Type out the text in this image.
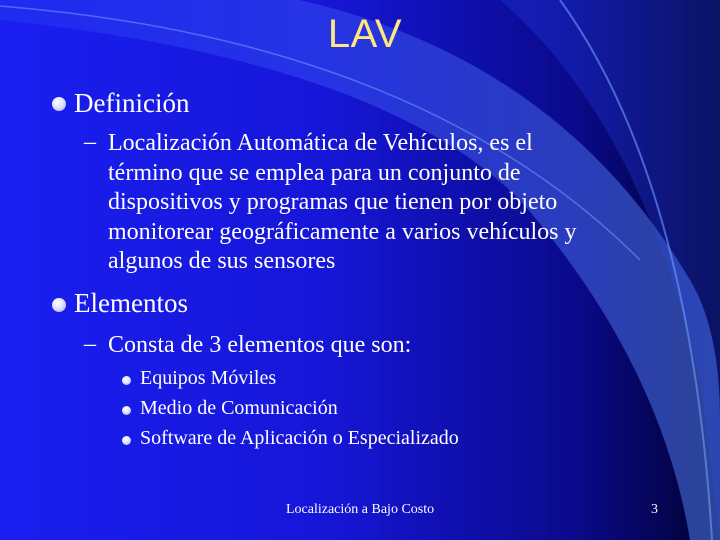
LAV
Definición
– Localización Automática de Vehículos, es el
término que se emplea para un conjunto de
dispositivos y programas que tienen por objeto
monitorear geográficamente a varios vehículos y
algunos de sus sensores
Elementos
– Consta de 3 elementos que son:
Equipos Móviles
Medio de Comunicación
Software de Aplicación o Especializado
Localización a Bajo Costo	3
